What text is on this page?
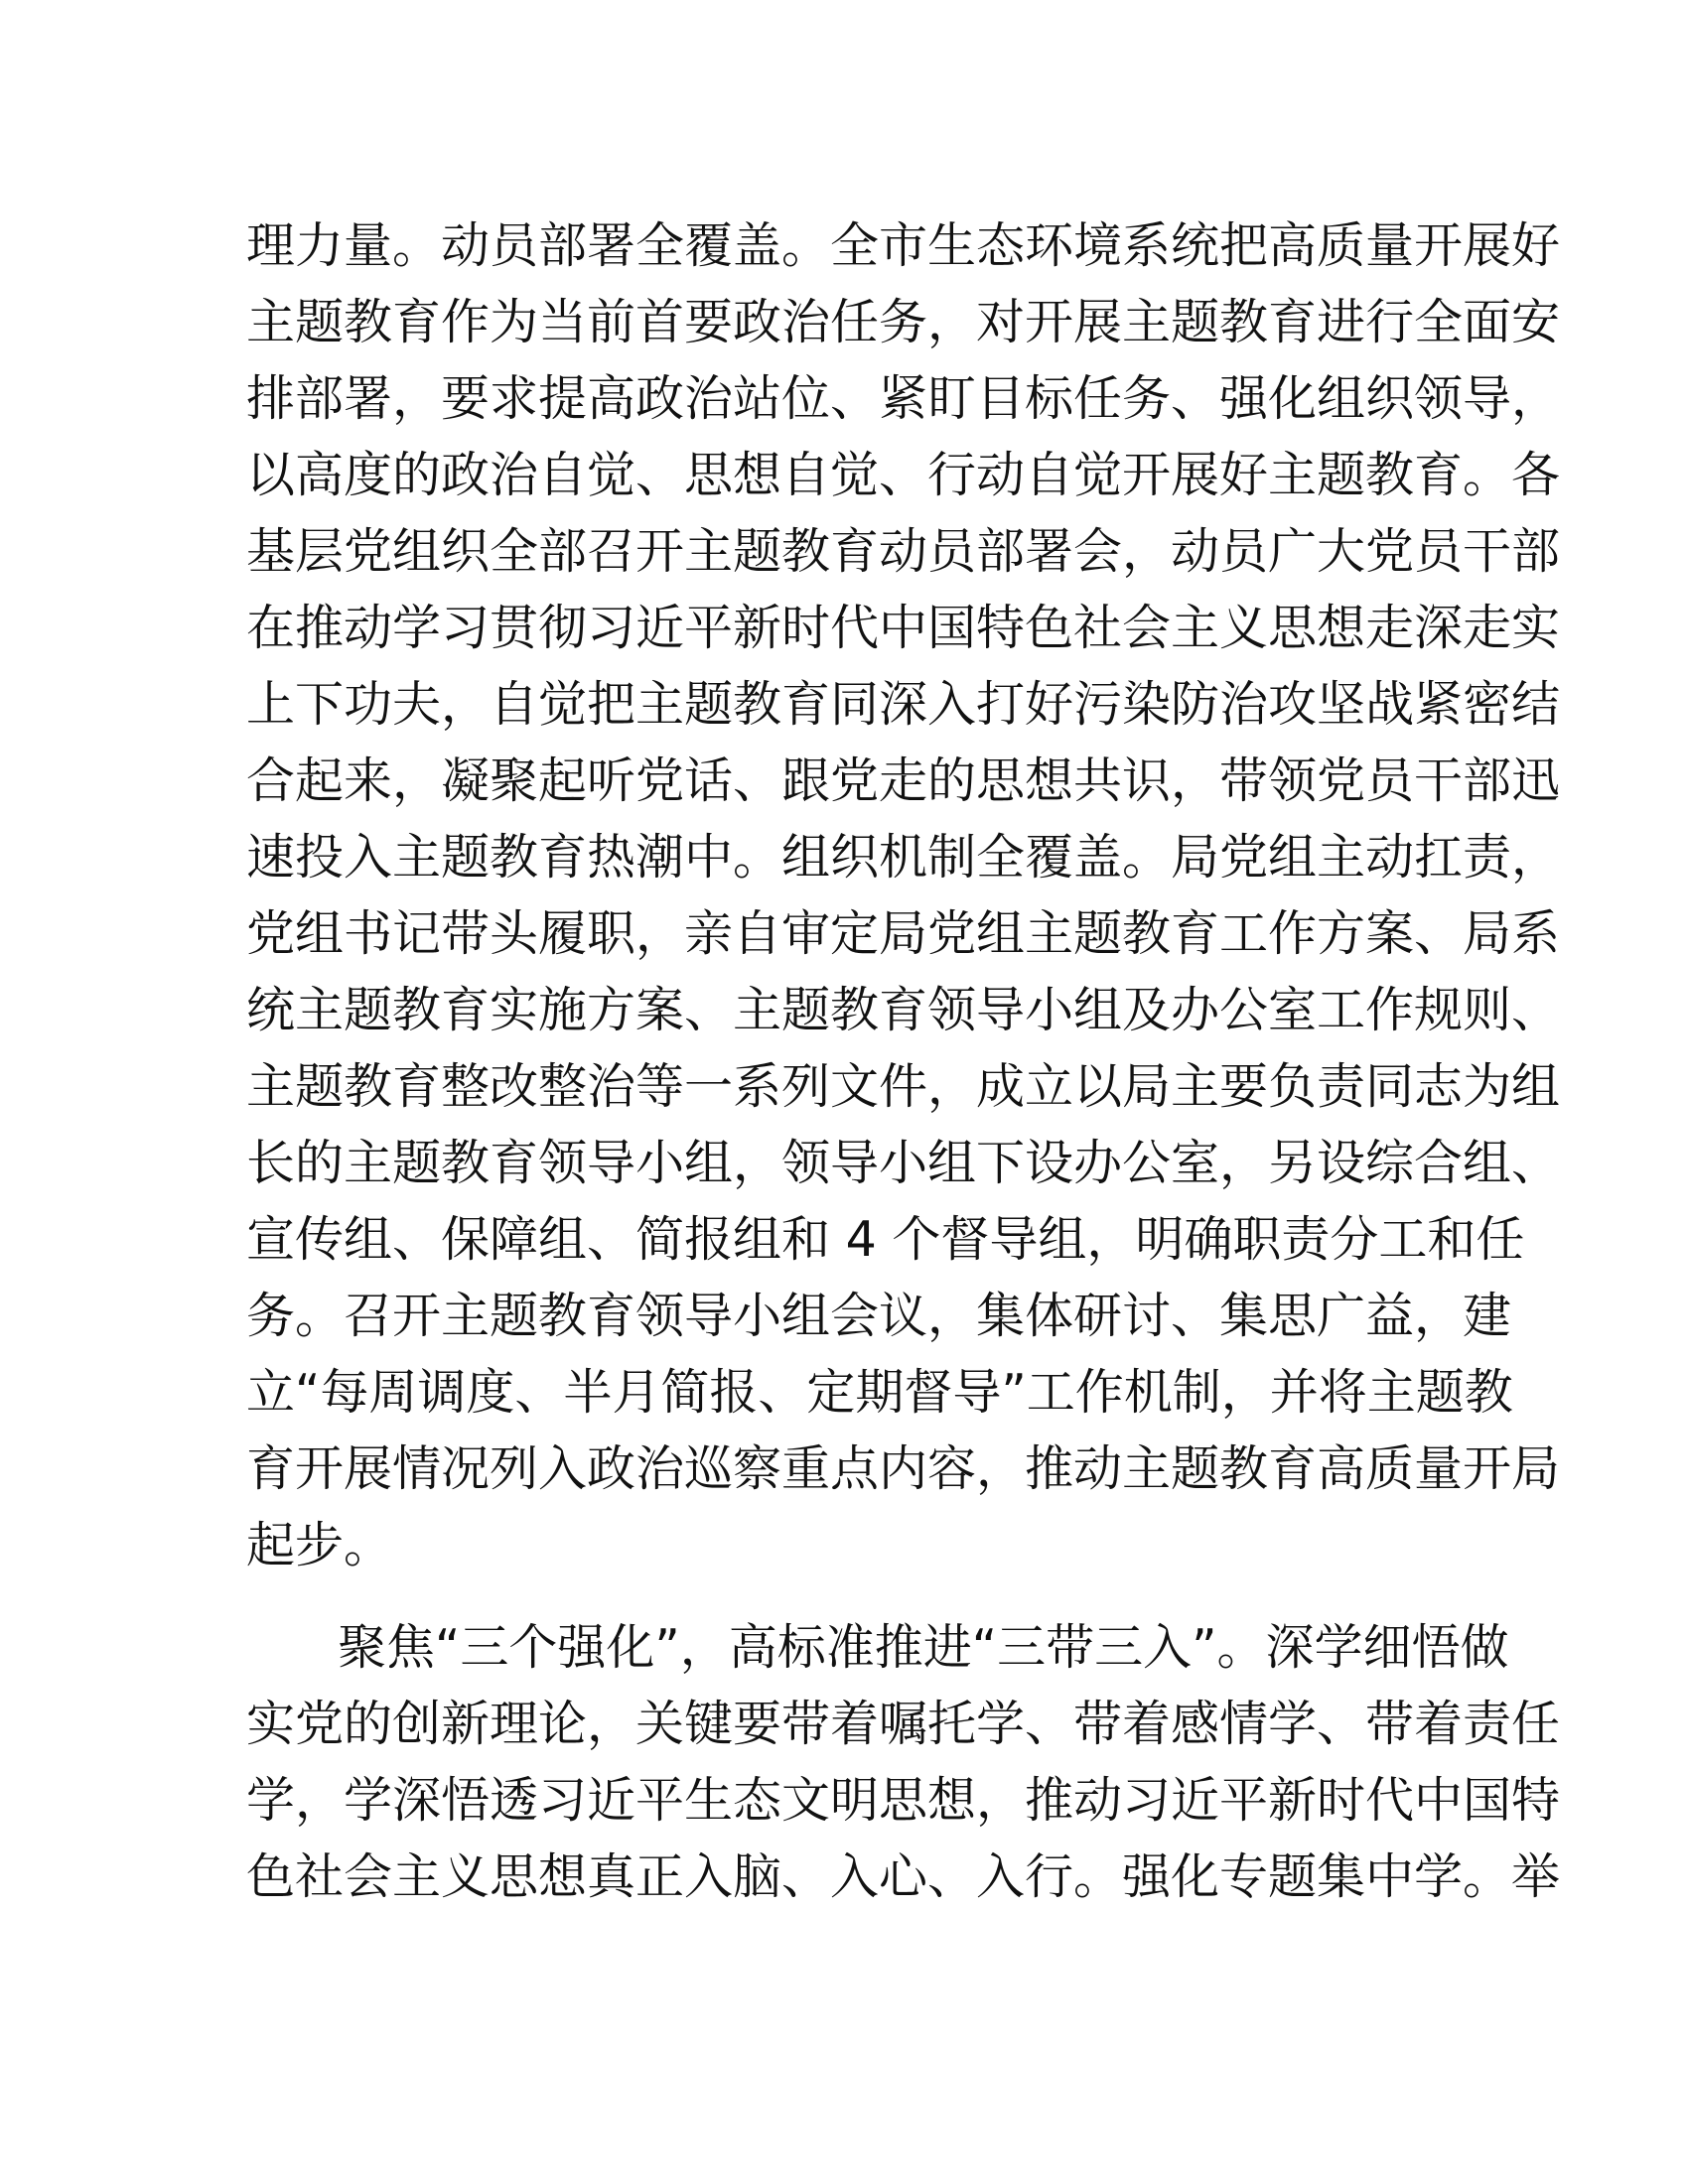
理力量。动员部署全覆盖。全市生态环境系统把高质量开展好
主题教育作为当前首要政治任务，对开展主题教育进行全面安
排部署，要求提高政治站位、紧盯目标任务、强化组织领导，
以高度的政治自觉、思想自觉、行动自觉开展好主题教育。各
基层党组织全部召开主题教育动员部署会，动员广大党员干部
在推动学习贯彻习近平新时代中国特色社会主义思想走深走实
上下功夫，自觉把主题教育同深入打好污染防治攻坚战紧密结
合起来，凝聚起听党话、跟党走的思想共识，带领党员干部迅
速投入主题教育热潮中。组织机制全覆盖。局党组主动扛责，
党组书记带头履职，亲自审定局党组主题教育工作方案、局系
统主题教育实施方案、主题教育领导小组及办公室工作规则、
主题教育整改整治等一系列文件，成立以局主要负责同志为组
长的主题教育领导小组，领导小组下设办公室，另设综合组、
宣传组、保障组、简报组和 4 个督导组，明确职责分工和任
务。召开主题教育领导小组会议，集体研讨、集思广益，建
立“每周调度、半月简报、定期督导”工作机制，并将主题教
育开展情况列入政治巡察重点内容，推动主题教育高质量开局
起步。
聚焦“三个强化”，高标准推进“三带三入”。深学细悟做
实党的创新理论，关键要带着嘱托学、带着感情学、带着责任
学，学深悟透习近平生态文明思想，推动习近平新时代中国特
色社会主义思想真正入脑、入心、入行。强化专题集中学。举
